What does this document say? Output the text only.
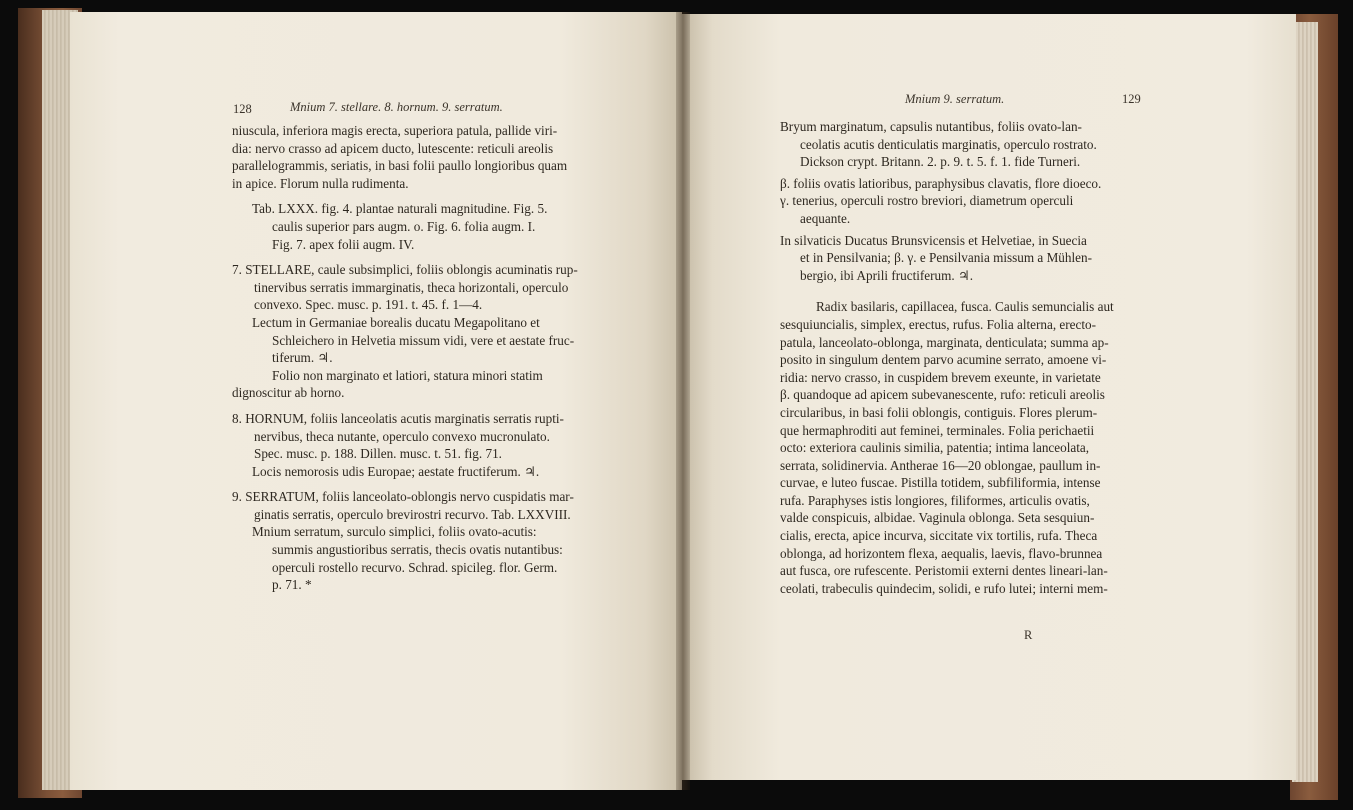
128	Mnium 7. stellare. 8. hornum. 9. serratum.

niuscula, inferiora magis erecta, superiora patula, pallide viri-

dia: nervo crasso ad apicem ducto, lutescente: reticuli areolis

parallelogrammis, seriatis, in basi folii paullo longioribus quam

in apice. Florum nulla rudimenta.

Tab. LXXX. fig. 4. plantae naturali magnitudine. Fig. 5.

caulis superior pars augm. o. Fig. 6. folia augm. I.

Fig. 7. apex folii augm. IV.

7. STELLARE, caule subsimplici, foliis oblongis acuminatis rup-

tinervibus serratis immarginatis, theca horizontali, operculo

convexo. Spec. musc. p. 191. t. 45. f. 1—4.

Lectum in Germaniae borealis ducatu Megapolitano et

Schleichero in Helvetia missum vidi, vere et aestate fruc-

tiferum. ♃.

Folio non marginato et latiori, statura minori statim

dignoscitur ab horno.

8. HORNUM, foliis lanceolatis acutis marginatis serratis rupti-

nervibus, theca nutante, operculo convexo mucronulato.

Spec. musc. p. 188. Dillen. musc. t. 51. fig. 71.

Locis nemorosis udis Europae; aestate fructiferum. ♃.

9. SERRATUM, foliis lanceolato-oblongis nervo cuspidatis mar-

ginatis serratis, operculo brevirostri recurvo. Tab. LXXVIII.

Mnium serratum, surculo simplici, foliis ovato-acutis:

summis angustioribus serratis, thecis ovatis nutantibus:

operculi rostello recurvo. Schrad. spicileg. flor. Germ.

p. 71. *

Mnium 9. serratum.	129

Bryum marginatum, capsulis nutantibus, foliis ovato-lan-

ceolatis acutis denticulatis marginatis, operculo rostrato.

Dickson crypt. Britann. 2. p. 9. t. 5. f. 1. fide Turneri.

β. foliis ovatis latioribus, paraphysibus clavatis, flore dioeco.

γ. tenerius, operculi rostro breviori, diametrum operculi

aequante.

In silvaticis Ducatus Brunsvicensis et Helvetiae, in Suecia

et in Pensilvania; β. γ. e Pensilvania missum a Mühlen-

bergio, ibi Aprili fructiferum. ♃.

Radix basilaris, capillacea, fusca. Caulis semuncialis aut

sesquiuncialis, simplex, erectus, rufus. Folia alterna, erecto-

patula, lanceolato-oblonga, marginata, denticulata; summa ap-

posito in singulum dentem parvo acumine serrato, amoene vi-

ridia: nervo crasso, in cuspidem brevem exeunte, in varietate

β. quandoque ad apicem subevanescente, rufo: reticuli areolis

circularibus, in basi folii oblongis, contiguis. Flores plerum-

que hermaphroditi aut feminei, terminales. Folia perichaetii

octo: exteriora caulinis similia, patentia; intima lanceolata,

serrata, solidinervia. Antherae 16—20 oblongae, paullum in-

curvae, e luteo fuscae. Pistilla totidem, subfiliformia, intense

rufa. Paraphyses istis longiores, filiformes, articulis ovatis,

valde conspicuis, albidae. Vaginula oblonga. Seta sesquiun-

cialis, erecta, apice incurva, siccitate vix tortilis, rufa. Theca

oblonga, ad horizontem flexa, aequalis, laevis, flavo-brunnea

aut fusca, ore rufescente. Peristomii externi dentes lineari-lan-

ceolati, trabeculis quindecim, solidi, e rufo lutei; interni mem-

R
